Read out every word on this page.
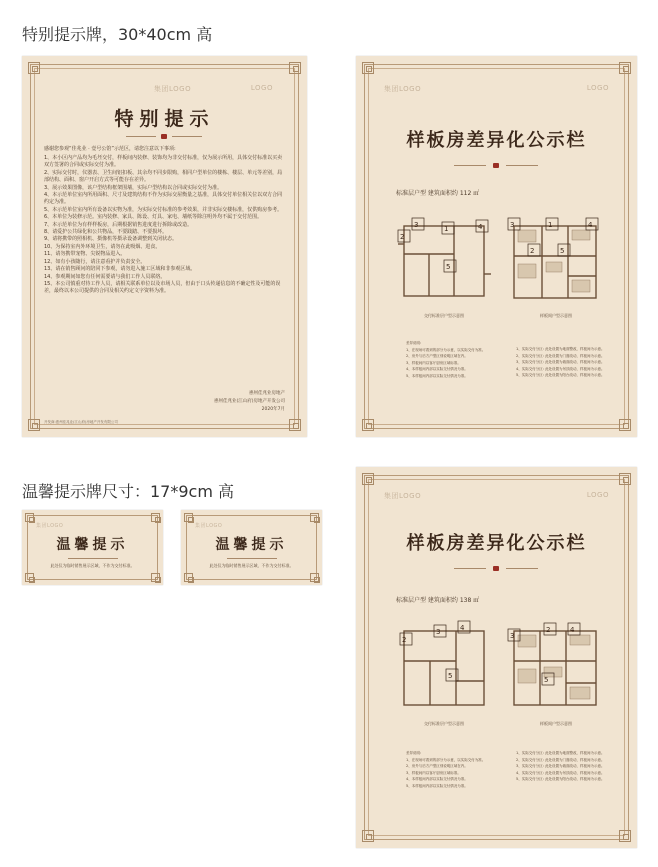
特别提示牌，30*40cm 高
温馨提示牌尺寸：17*9cm 高
集团LOGO	LOGO
特别提示
感谢您参观“佳兆业 · 壹号公馆”示范区，请您注意以下事项:
1、本小区内产品均为毛坯交付，样板间内装修、装饰均为非交付标准，仅为展示所用，具体交付标准以买卖双方签署的合同或实际交付为准。
2、实际交付时，仪器表、卫生间铝扣板、其余均不同步限购，相同户型单位的楼栋、楼层、单元等差别，局部结构、面积、窗户开启方式等可能存在差异。
3、展示效果图像，该户型结构框架围墙，实际户型结构以合同或实际交付为准。
4、本示范单位室内所用面积、尺寸及建筑结构不作为实际交屋衡量之基准，具体交付单位相关位以双方合同约定为准。
5、本示范单位室内所有设备以实物为准，为实际交付标准的参考效果，并非实际交楼标准，仅供购房参考。
6、本单位为装修示范。室内装修、家具、陈设、灯具、家电、墙纸等除注明外均不属于交付范围。
7、本示范单位为有样样板房，后期根据销售进度进行拆除或改造。
8、请爱护公共绿化和公共物品，不要践踏、不要损坏。
9、请将携带的照相机、摄像机等摄录设备调整到关闭状态。
10、为保持室内外环境卫生，请勿在此吸烟、进食。
11、请勿携带宠物、尖锐物品进入。
12、如有小孩随行，请注意看护并负责安全。
13、请在销售顾问的陪同下参观，请勿进入施工区域和非参观区域。
14、参观期间如您有任何需要请与我们工作人员联络。
15、本公司慎重对待工作人员，请相关联系单位以及市场人员，但由于口头传递信息的不确定性及可能的误差，最终以本公司提供的合同及相关约定文字资料为准。
惠州佳兆业房地产
惠州佳兆业(江山府)房地产开发公司
2020年7月
开发商:惠州佳兆业(江山府)房地产开发有限公司
集团LOGO	LOGO
样板房差异化公示栏
标准层户型 建筑面积约 112 ㎡
3	1	4
2
5
交付标准层户型示意图
3	1	4
2	5
样板间户型示意图
差异说明:
1、在现场可看到的部分为示意，以实际交付为准。
2、房外与后方户型区别说明区域在内。
3、样板间内以客厅厨房区域标准。
4、本样板间内部以实际交付情况为准。
5、本样板间内部以实际交付情况为准。
1、实际交付分区: 此处设置为地面整改，样板间为示意。
2、实际交付分区: 此处设置为门窗改动，样板间为示意。
3、实际交付分区: 此处设置为墙面改动，样板间为示意。
4、实际交付分区: 此处设置为吊顶改动，样板间为示意。
5、实际交付分区: 此处设置为阳台改动，样板间为示意。
集团LOGO	LOGO
样板房差异化公示栏
标准层户型 建筑面积约 138 ㎡
2
3	4
5
交付标准层户型示意图
3
2	4
5
样板间户型示意图
差异说明:
1、在现场可看到的部分为示意，以实际交付为准。
2、房外与后方户型区别说明区域在内。
3、样板间内以客厅厨房区域标准。
4、本样板间内部以实际交付情况为准。
5、本样板间内部以实际交付情况为准。
1、实际交付分区: 此处设置为地面整改，样板间为示意。
2、实际交付分区: 此处设置为门窗改动，样板间为示意。
3、实际交付分区: 此处设置为墙面改动，样板间为示意。
4、实际交付分区: 此处设置为吊顶改动，样板间为示意。
5、实际交付分区: 此处设置为阳台改动，样板间为示意。
集团LOGO
温馨提示
此处仅为临时销售展示区域，不作为交付标准。
集团LOGO
温馨提示
此处仅为临时销售展示区域，不作为交付标准。
